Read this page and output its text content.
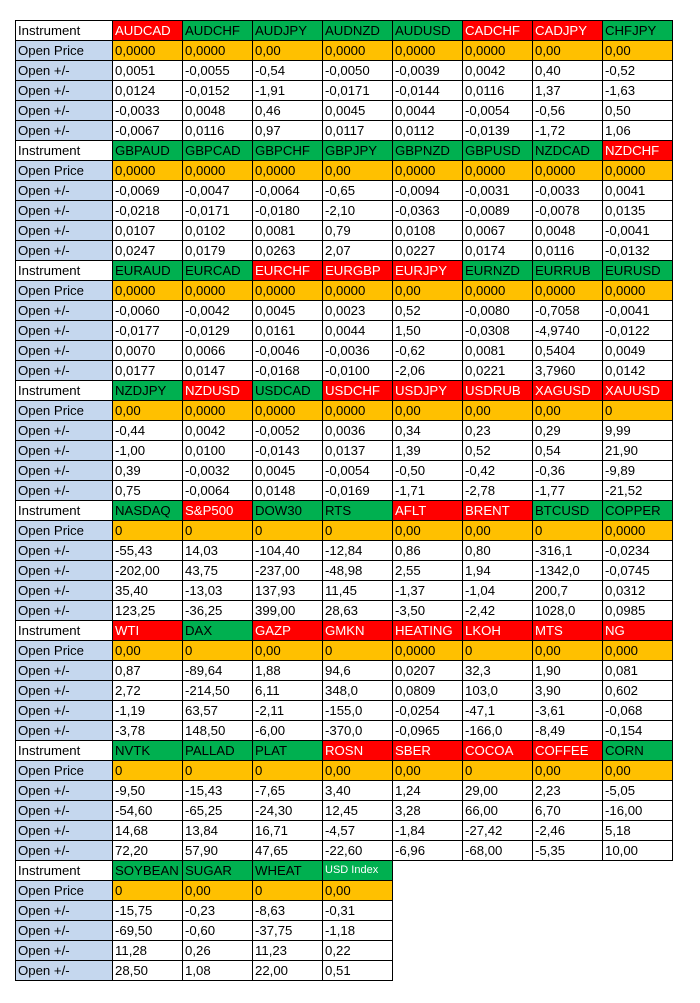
Instrument	AUDCAD	AUDCHF	AUDJPY	AUDNZD	AUDUSD	CADCHF	CADJPY	CHFJPY
Open Price	0,0000	0,0000	0,00	0,0000	0,0000	0,0000	0,00	0,00
Open +/-	0,0051	-0,0055	-0,54	-0,0050	-0,0039	0,0042	0,40	-0,52
Open +/-	0,0124	-0,0152	-1,91	-0,0171	-0,0144	0,0116	1,37	-1,63
Open +/-	-0,0033	0,0048	0,46	0,0045	0,0044	-0,0054	-0,56	0,50
Open +/-	-0,0067	0,0116	0,97	0,0117	0,0112	-0,0139	-1,72	1,06
Instrument	GBPAUD	GBPCAD	GBPCHF	GBPJPY	GBPNZD	GBPUSD	NZDCAD	NZDCHF
Open Price	0,0000	0,0000	0,0000	0,00	0,0000	0,0000	0,0000	0,0000
Open +/-	-0,0069	-0,0047	-0,0064	-0,65	-0,0094	-0,0031	-0,0033	0,0041
Open +/-	-0,0218	-0,0171	-0,0180	-2,10	-0,0363	-0,0089	-0,0078	0,0135
Open +/-	0,0107	0,0102	0,0081	0,79	0,0108	0,0067	0,0048	-0,0041
Open +/-	0,0247	0,0179	0,0263	2,07	0,0227	0,0174	0,0116	-0,0132
Instrument	EURAUD	EURCAD	EURCHF	EURGBP	EURJPY	EURNZD	EURRUB	EURUSD
Open Price	0,0000	0,0000	0,0000	0,0000	0,00	0,0000	0,0000	0,0000
Open +/-	-0,0060	-0,0042	0,0045	0,0023	0,52	-0,0080	-0,7058	-0,0041
Open +/-	-0,0177	-0,0129	0,0161	0,0044	1,50	-0,0308	-4,9740	-0,0122
Open +/-	0,0070	0,0066	-0,0046	-0,0036	-0,62	0,0081	0,5404	0,0049
Open +/-	0,0177	0,0147	-0,0168	-0,0100	-2,06	0,0221	3,7960	0,0142
Instrument	NZDJPY	NZDUSD	USDCAD	USDCHF	USDJPY	USDRUB	XAGUSD	XAUUSD
Open Price	0,00	0,0000	0,0000	0,0000	0,00	0,00	0,00	0
Open +/-	-0,44	0,0042	-0,0052	0,0036	0,34	0,23	0,29	9,99
Open +/-	-1,00	0,0100	-0,0143	0,0137	1,39	0,52	0,54	21,90
Open +/-	0,39	-0,0032	0,0045	-0,0054	-0,50	-0,42	-0,36	-9,89
Open +/-	0,75	-0,0064	0,0148	-0,0169	-1,71	-2,78	-1,77	-21,52
Instrument	NASDAQ	S&P500	DOW30	RTS	AFLT	BRENT	BTCUSD	COPPER
Open Price	0	0	0	0	0,00	0,00	0	0,0000
Open +/-	-55,43	14,03	-104,40	-12,84	0,86	0,80	-316,1	-0,0234
Open +/-	-202,00	43,75	-237,00	-48,98	2,55	1,94	-1342,0	-0,0745
Open +/-	35,40	-13,03	137,93	11,45	-1,37	-1,04	200,7	0,0312
Open +/-	123,25	-36,25	399,00	28,63	-3,50	-2,42	1028,0	0,0985
Instrument	WTI	DAX	GAZP	GMKN	HEATING	LKOH	MTS	NG
Open Price	0,00	0	0,00	0	0,0000	0	0,00	0,000
Open +/-	0,87	-89,64	1,88	94,6	0,0207	32,3	1,90	0,081
Open +/-	2,72	-214,50	6,11	348,0	0,0809	103,0	3,90	0,602
Open +/-	-1,19	63,57	-2,11	-155,0	-0,0254	-47,1	-3,61	-0,068
Open +/-	-3,78	148,50	-6,00	-370,0	-0,0965	-166,0	-8,49	-0,154
Instrument	NVTK	PALLAD	PLAT	ROSN	SBER	COCOA	COFFEE	CORN
Open Price	0	0	0	0,00	0,00	0	0,00	0,00
Open +/-	-9,50	-15,43	-7,65	3,40	1,24	29,00	2,23	-5,05
Open +/-	-54,60	-65,25	-24,30	12,45	3,28	66,00	6,70	-16,00
Open +/-	14,68	13,84	16,71	-4,57	-1,84	-27,42	-2,46	5,18
Open +/-	72,20	57,90	47,65	-22,60	-6,96	-68,00	-5,35	10,00
Instrument	SOYBEAN	SUGAR	WHEAT	USD Index				
Open Price	0	0,00	0	0,00				
Open +/-	-15,75	-0,23	-8,63	-0,31				
Open +/-	-69,50	-0,60	-37,75	-1,18				
Open +/-	11,28	0,26	11,23	0,22				
Open +/-	28,50	1,08	22,00	0,51				
